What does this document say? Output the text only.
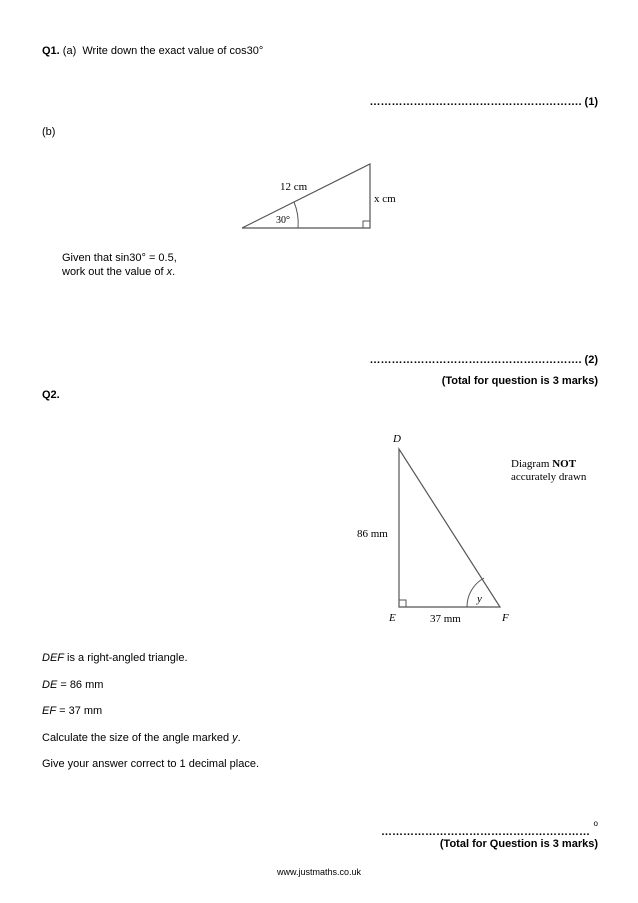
Q1. (a) Write down the exact value of cos30°
…………………………………………………. (1)
(b)
12 cm
x cm
30°
Given that sin30° = 0.5,
work out the value of x.
…………………………………………………. (2)
(Total for question is 3 marks)
Q2.
D
E	F
86 mm
37 mm
y
Diagram NOT
accurately drawn
DEF is a right-angled triangle.
DE = 86 mm
EF = 37 mm
Calculate the size of the angle marked y.
Give your answer correct to 1 decimal place.
…………………………………………………
o
(Total for Question is 3 marks)
www.justmaths.co.uk
